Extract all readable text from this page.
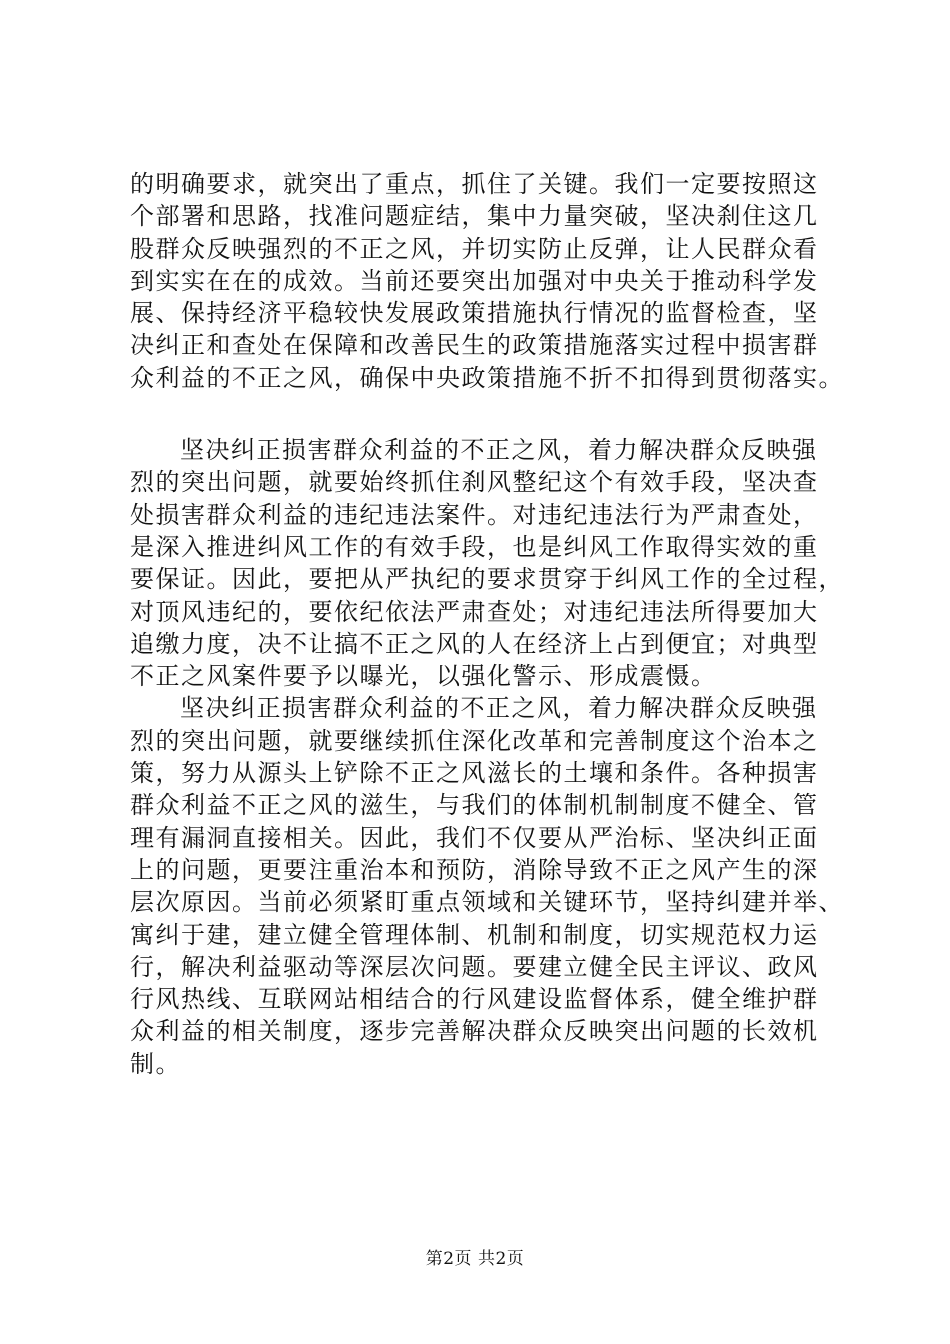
的明确要求，就突出了重点，抓住了关键。我们一定要按照这
个部署和思路，找准问题症结，集中力量突破，坚决刹住这几
股群众反映强烈的不正之风，并切实防止反弹，让人民群众看
到实实在在的成效。当前还要突出加强对中央关于推动科学发
展、保持经济平稳较快发展政策措施执行情况的监督检查，坚
决纠正和查处在保障和改善民生的政策措施落实过程中损害群
众利益的不正之风，确保中央政策措施不折不扣得到贯彻落实。

坚决纠正损害群众利益的不正之风，着力解决群众反映强
烈的突出问题，就要始终抓住刹风整纪这个有效手段，坚决查
处损害群众利益的违纪违法案件。对违纪违法行为严肃查处，
是深入推进纠风工作的有效手段，也是纠风工作取得实效的重
要保证。因此，要把从严执纪的要求贯穿于纠风工作的全过程，
对顶风违纪的，要依纪依法严肃查处；对违纪违法所得要加大
追缴力度，决不让搞不正之风的人在经济上占到便宜；对典型
不正之风案件要予以曝光，以强化警示、形成震慑。

坚决纠正损害群众利益的不正之风，着力解决群众反映强
烈的突出问题，就要继续抓住深化改革和完善制度这个治本之
策，努力从源头上铲除不正之风滋长的土壤和条件。各种损害
群众利益不正之风的滋生，与我们的体制机制制度不健全、管
理有漏洞直接相关。因此，我们不仅要从严治标、坚决纠正面
上的问题，更要注重治本和预防，消除导致不正之风产生的深
层次原因。当前必须紧盯重点领域和关键环节，坚持纠建并举、
寓纠于建，建立健全管理体制、机制和制度，切实规范权力运
行，解决利益驱动等深层次问题。要建立健全民主评议、政风
行风热线、互联网站相结合的行风建设监督体系，健全维护群
众利益的相关制度，逐步完善解决群众反映突出问题的长效机
制。

第2页 共2页
